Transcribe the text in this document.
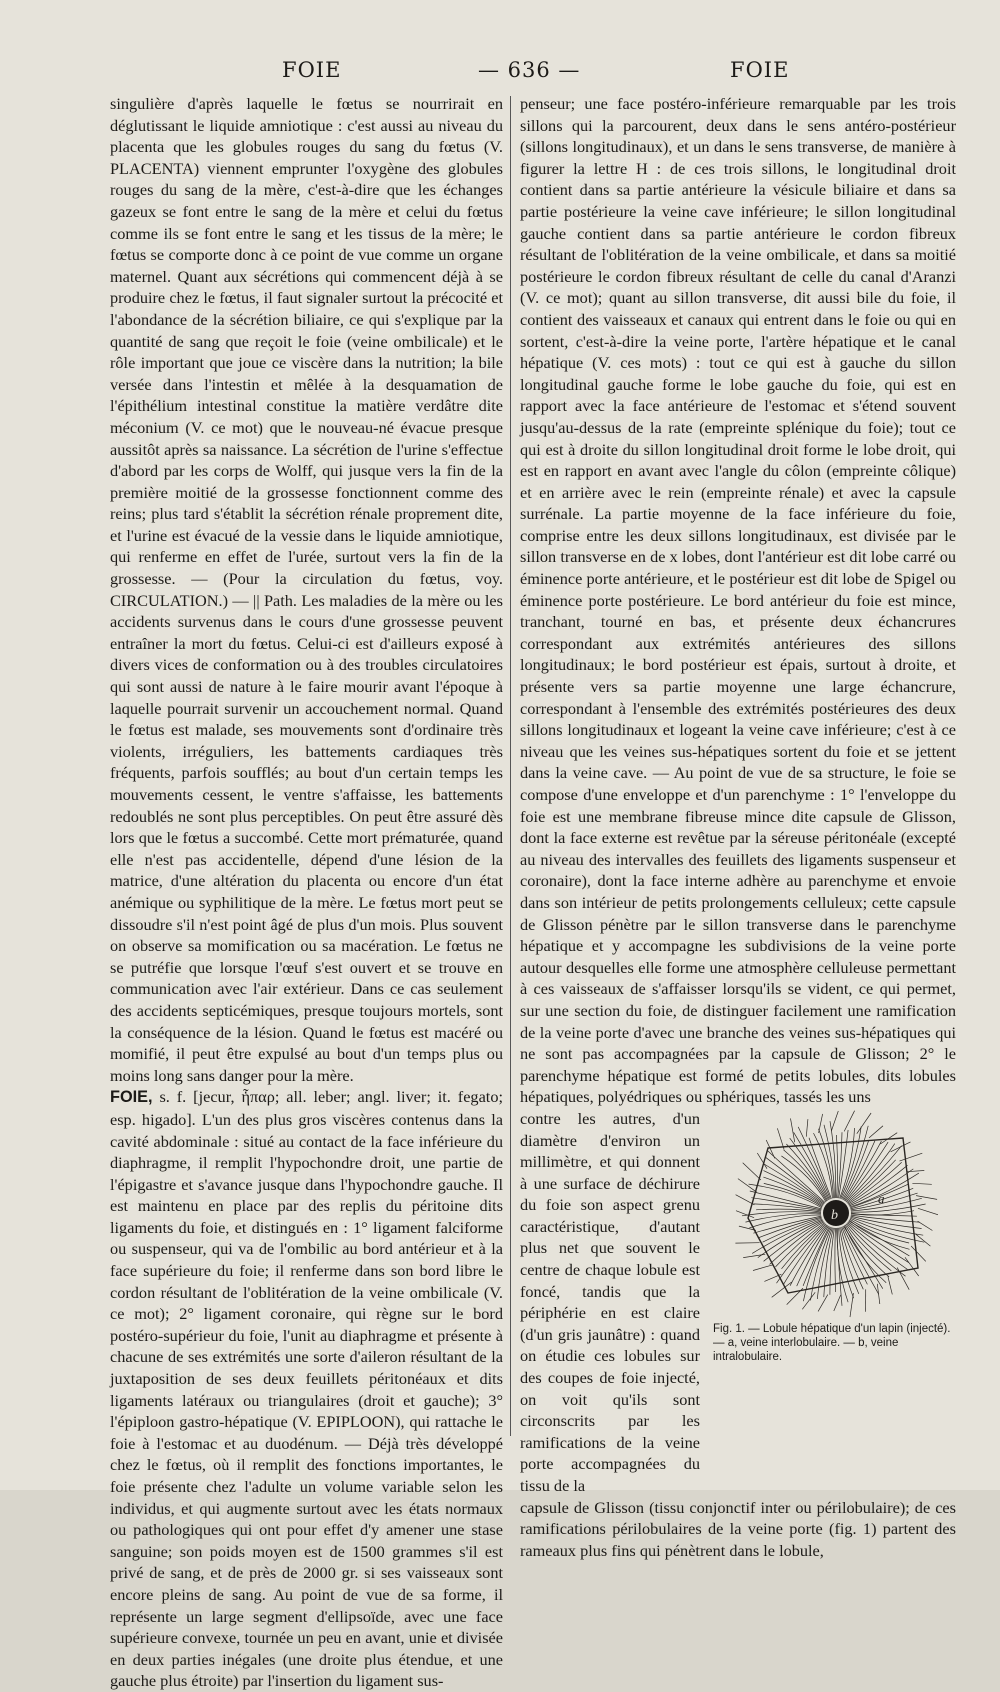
FOIE	— 636 —	FOIE

singulière d'après laquelle le fœtus se nourrirait en déglutissant le liquide amniotique : c'est aussi au niveau du placenta que les globules rouges du sang du fœtus (V. PLACENTA) viennent emprunter l'oxygène des globules rouges du sang de la mère, c'est-à-dire que les échanges gazeux se font entre le sang de la mère et celui du fœtus comme ils se font entre le sang et les tissus de la mère; le fœtus se comporte donc à ce point de vue comme un organe maternel. Quant aux sécrétions qui commencent déjà à se produire chez le fœtus, il faut signaler surtout la précocité et l'abondance de la sécrétion biliaire, ce qui s'explique par la quantité de sang que reçoit le foie (veine ombilicale) et le rôle important que joue ce viscère dans la nutrition; la bile versée dans l'intestin et mêlée à la desquamation de l'épithélium intestinal constitue la matière verdâtre dite méconium (V. ce mot) que le nouveau-né évacue presque aussitôt après sa naissance. La sécrétion de l'urine s'effectue d'abord par les corps de Wolff, qui jusque vers la fin de la première moitié de la grossesse fonctionnent comme des reins; plus tard s'établit la sécrétion rénale proprement dite, et l'urine est évacué de la vessie dans le liquide amniotique, qui renferme en effet de l'urée, surtout vers la fin de la grossesse. — (Pour la circulation du fœtus, voy. CIRCULATION.) — || Path. Les maladies de la mère ou les accidents survenus dans le cours d'une grossesse peuvent entraîner la mort du fœtus. Celui-ci est d'ailleurs exposé à divers vices de conformation ou à des troubles circulatoires qui sont aussi de nature à le faire mourir avant l'époque à laquelle pourrait survenir un accouchement normal. Quand le fœtus est malade, ses mouvements sont d'ordinaire très violents, irréguliers, les battements cardiaques très fréquents, parfois soufflés; au bout d'un certain temps les mouvements cessent, le ventre s'affaisse, les battements redoublés ne sont plus perceptibles. On peut être assuré dès lors que le fœtus a succombé. Cette mort prématurée, quand elle n'est pas accidentelle, dépend d'une lésion de la matrice, d'une altération du placenta ou encore d'un état anémique ou syphilitique de la mère. Le fœtus mort peut se dissoudre s'il n'est point âgé de plus d'un mois. Plus souvent on observe sa momification ou sa macération. Le fœtus ne se putréfie que lorsque l'œuf s'est ouvert et se trouve en communication avec l'air extérieur. Dans ce cas seulement des accidents septicémiques, presque toujours mortels, sont la conséquence de la lésion. Quand le fœtus est macéré ou momifié, il peut être expulsé au bout d'un temps plus ou moins long sans danger pour la mère.

FOIE, s. f. [jecur, ἧπαρ; all. leber; angl. liver; it. fegato; esp. higado]. L'un des plus gros viscères contenus dans la cavité abdominale : situé au contact de la face inférieure du diaphragme, il remplit l'hypochondre droit, une partie de l'épigastre et s'avance jusque dans l'hypochondre gauche. Il est maintenu en place par des replis du péritoine dits ligaments du foie, et distingués en : 1° ligament falciforme ou suspenseur, qui va de l'ombilic au bord antérieur et à la face supérieure du foie; il renferme dans son bord libre le cordon résultant de l'oblitération de la veine ombilicale (V. ce mot); 2° ligament coronaire, qui règne sur le bord postéro-supérieur du foie, l'unit au diaphragme et présente à chacune de ses extrémités une sorte d'aileron résultant de la juxtaposition de ses deux feuillets péritonéaux et dits ligaments latéraux ou triangulaires (droit et gauche); 3° l'épiploon gastro-hépatique (V. EPIPLOON), qui rattache le foie à l'estomac et au duodénum. — Déjà très développé chez le fœtus, où il remplit des fonctions importantes, le foie présente chez l'adulte un volume variable selon les individus, et qui augmente surtout avec les états normaux ou pathologiques qui ont pour effet d'y amener une stase sanguine; son poids moyen est de 1500 grammes s'il est privé de sang, et de près de 2000 gr. si ses vaisseaux sont encore pleins de sang. Au point de vue de sa forme, il représente un large segment d'ellipsoïde, avec une face supérieure convexe, tournée un peu en avant, unie et divisée en deux parties inégales (une droite plus étendue, et une gauche plus étroite) par l'insertion du ligament sus-

penseur; une face postéro-inférieure remarquable par les trois sillons qui la parcourent, deux dans le sens antéro-postérieur (sillons longitudinaux), et un dans le sens transverse, de manière à figurer la lettre H : de ces trois sillons, le longitudinal droit contient dans sa partie antérieure la vésicule biliaire et dans sa partie postérieure la veine cave inférieure; le sillon longitudinal gauche contient dans sa partie antérieure le cordon fibreux résultant de l'oblitération de la veine ombilicale, et dans sa moitié postérieure le cordon fibreux résultant de celle du canal d'Aranzi (V. ce mot); quant au sillon transverse, dit aussi bile du foie, il contient des vaisseaux et canaux qui entrent dans le foie ou qui en sortent, c'est-à-dire la veine porte, l'artère hépatique et le canal hépatique (V. ces mots) : tout ce qui est à gauche du sillon longitudinal gauche forme le lobe gauche du foie, qui est en rapport avec la face antérieure de l'estomac et s'étend souvent jusqu'au-dessus de la rate (empreinte splénique du foie); tout ce qui est à droite du sillon longitudinal droit forme le lobe droit, qui est en rapport en avant avec l'angle du côlon (empreinte côlique) et en arrière avec le rein (empreinte rénale) et avec la capsule surrénale. La partie moyenne de la face inférieure du foie, comprise entre les deux sillons longitudinaux, est divisée par le sillon transverse en de x lobes, dont l'antérieur est dit lobe carré ou éminence porte antérieure, et le postérieur est dit lobe de Spigel ou éminence porte postérieure. Le bord antérieur du foie est mince, tranchant, tourné en bas, et présente deux échancrures correspondant aux extrémités antérieures des sillons longitudinaux; le bord postérieur est épais, surtout à droite, et présente vers sa partie moyenne une large échancrure, correspondant à l'ensemble des extrémités postérieures des deux sillons longitudinaux et logeant la veine cave inférieure; c'est à ce niveau que les veines sus-hépatiques sortent du foie et se jettent dans la veine cave. — Au point de vue de sa structure, le foie se compose d'une enveloppe et d'un parenchyme : 1° l'enveloppe du foie est une membrane fibreuse mince dite capsule de Glisson, dont la face externe est revêtue par la séreuse péritonéale (excepté au niveau des intervalles des feuillets des ligaments suspenseur et coronaire), dont la face interne adhère au parenchyme et envoie dans son intérieur de petits prolongements celluleux; cette capsule de Glisson pénètre par le sillon transverse dans le parenchyme hépatique et y accompagne les subdivisions de la veine porte autour desquelles elle forme une atmosphère celluleuse permettant à ces vaisseaux de s'affaisser lorsqu'ils se vident, ce qui permet, sur une section du foie, de distinguer facilement une ramification de la veine porte d'avec une branche des veines sus-hépatiques qui ne sont pas accompagnées par la capsule de Glisson; 2° le parenchyme hépatique est formé de petits lobules, dits lobules hépatiques, polyédriques ou sphériques, tassés les uns

contre les autres, d'un diamètre d'environ un millimètre, et qui donnent à une surface de déchirure du foie son aspect grenu caractéristique, d'autant plus net que souvent le centre de chaque lobule est foncé, tandis que la périphérie en est claire (d'un gris jaunâtre) : quand on étudie ces lobules sur des coupes de foie injecté, on voit qu'ils sont circonscrits par les ramifications de la veine porte accompagnées du tissu de la

b
a
Fig. 1. — Lobule hépatique d'un lapin (injecté). — a, veine interlobulaire. — b, veine intralobulaire.

capsule de Glisson (tissu conjonctif inter ou périlobulaire); de ces ramifications périlobulaires de la veine porte (fig. 1) partent des rameaux plus fins qui pénètrent dans le lobule,
